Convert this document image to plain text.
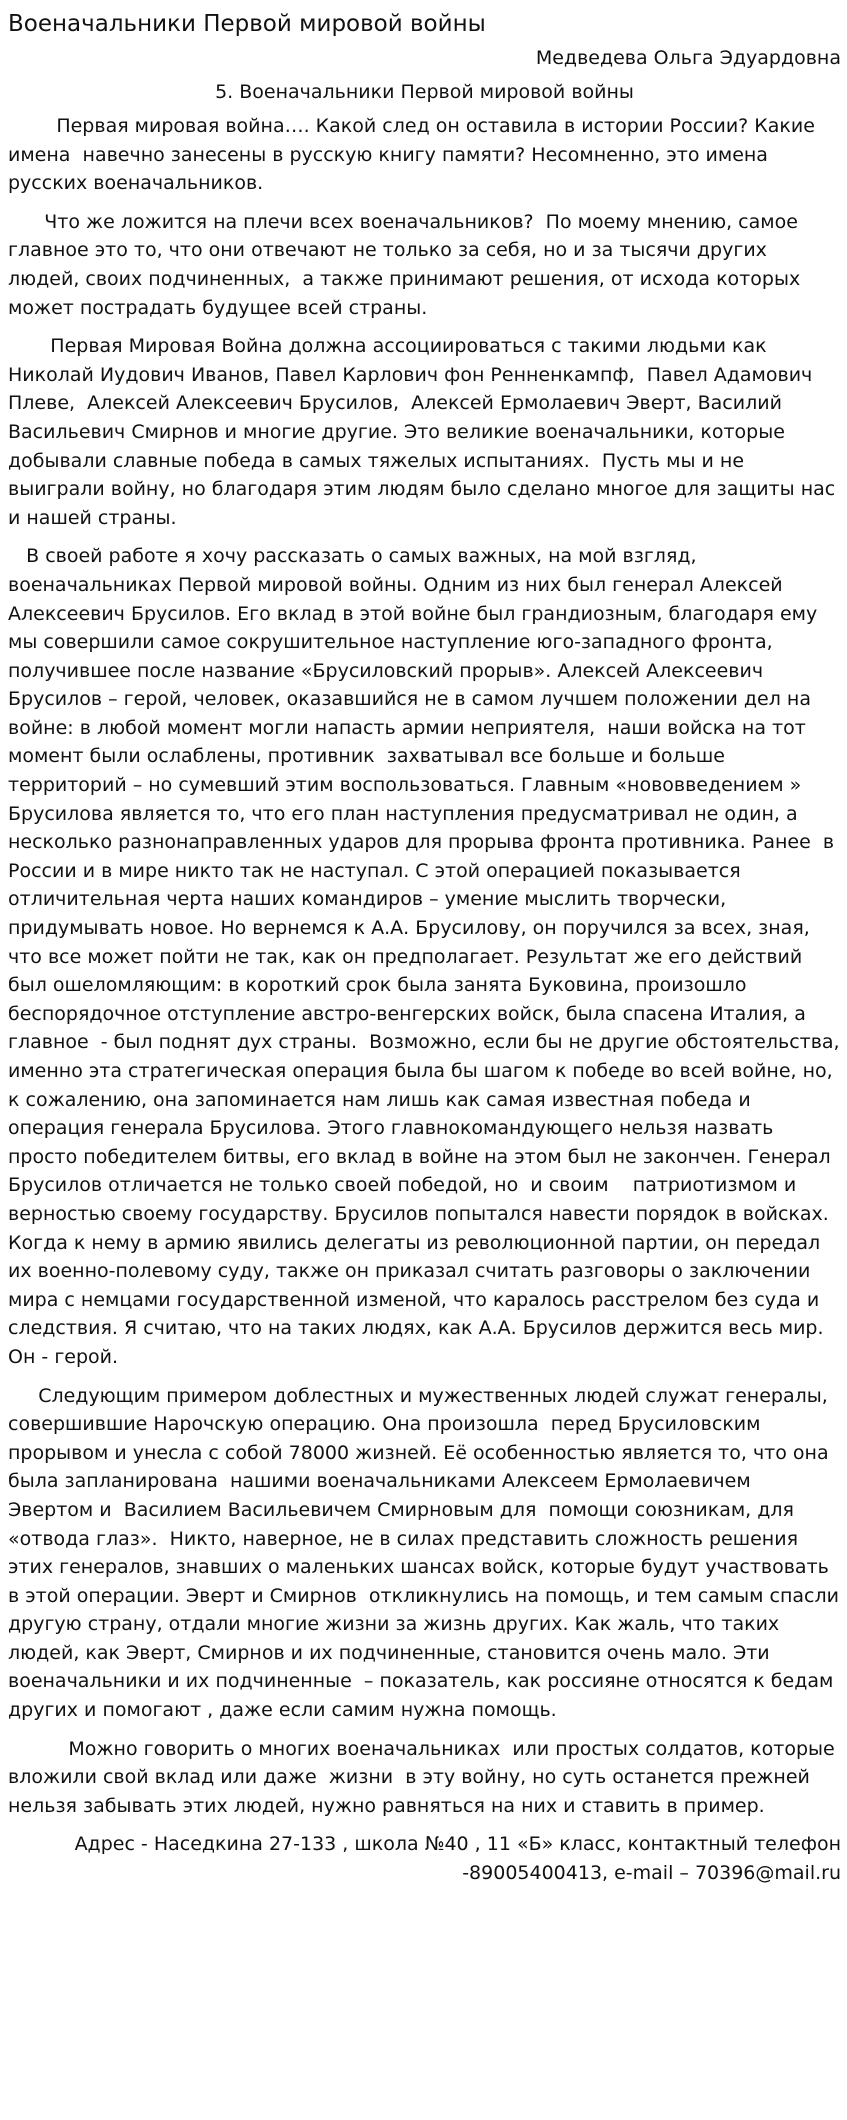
Военачальники Первой мировой войны
Медведева Ольга Эдуардовна
5. Военачальники Первой мировой войны

Первая мировая война…. Какой след он оставила в истории России? Какие имена  навечно занесены в русскую книгу памяти? Несомненно, это имена русских военачальников.

Что же ложится на плечи всех военачальников?  По моему мнению, самое главное это то, что они отвечают не только за себя, но и за тысячи других людей, своих подчиненных,  а также принимают решения, от исхода которых может пострадать будущее всей страны.

Первая Мировая Война должна ассоциироваться с такими людьми как Николай Иудович Иванов, Павел Карлович фон Ренненкампф,  Павел Адамович Плеве,  Алексей Алексеевич Брусилов,  Алексей Ермолаевич Эверт, Василий Васильевич Смирнов и многие другие. Это великие военачальники, которые добывали славные победа в самых тяжелых испытаниях.  Пусть мы и не выиграли войну, но благодаря этим людям было сделано многое для защиты нас и нашей страны.

В своей работе я хочу рассказать о самых важных, на мой взгляд, военачальниках Первой мировой войны. Одним из них был генерал Алексей Алексеевич Брусилов. Его вклад в этой войне был грандиозным, благодаря ему мы совершили самое сокрушительное наступление юго-западного фронта, получившее после название «Брусиловский прорыв». Алексей Алексеевич Брусилов – герой, человек, оказавшийся не в самом лучшем положении дел на войне: в любой момент могли напасть армии неприятеля,  наши войска на тот момент были ослаблены, противник  захватывал все больше и больше территорий – но сумевший этим воспользоваться. Главным «нововведением » Брусилова является то, что его план наступления предусматривал не один, а несколько разнонаправленных ударов для прорыва фронта противника. Ранее  в России и в мире никто так не наступал. С этой операцией показывается отличительная черта наших командиров – умение мыслить творчески, придумывать новое. Но вернемся к А.А. Брусилову, он поручился за всех, зная, что все может пойти не так, как он предполагает. Результат же его действий был ошеломляющим: в короткий срок была занята Буковина, произошло беспорядочное отступление австро-венгерских войск, была спасена Италия, а главное  - был поднят дух страны.  Возможно, если бы не другие обстоятельства, именно эта стратегическая операция была бы шагом к победе во всей войне, но, к сожалению, она запоминается нам лишь как самая известная победа и операция генерала Брусилова. Этого главнокомандующего нельзя назвать просто победителем битвы, его вклад в войне на этом был не закончен. Генерал Брусилов отличается не только своей победой, но  и своим    патриотизмом и верностью своему государству. Брусилов попытался навести порядок в войсках. Когда к нему в армию явились делегаты из революционной партии, он передал их военно-полевому суду, также он приказал считать разговоры о заключении мира с немцами государственной изменой, что каралось расстрелом без суда и следствия. Я считаю, что на таких людях, как А.А. Брусилов держится весь мир. Он - герой.

Следующим примером доблестных и мужественных людей служат генералы, совершившие Нарочскую операцию. Она произошла  перед Брусиловским прорывом и унесла с собой 78000 жизней. Её особенностью является то, что она была запланирована  нашими военачальниками Алексеем Ермолаевичем Эвертом и  Василием Васильевичем Смирновым для  помощи союзникам, для «отвода глаз».  Никто, наверное, не в силах представить сложность решения этих генералов, знавших о маленьких шансах войск, которые будут участвовать в этой операции. Эверт и Смирнов  откликнулись на помощь, и тем самым спасли другую страну, отдали многие жизни за жизнь других. Как жаль, что таких людей, как Эверт, Смирнов и их подчиненные, становится очень мало. Эти военачальники и их подчиненные  – показатель, как россияне относятся к бедам других и помогают , даже если самим нужна помощь.

Можно говорить о многих военачальниках  или простых солдатов, которые вложили свой вклад или даже  жизни  в эту войну, но суть останется прежней нельзя забывать этих людей, нужно равняться на них и ставить в пример.

Адрес - Наседкина 27-133 , школа №40 , 11 «Б» класс, контактный телефон
-89005400413, e-mail – 70396@mail.ru
